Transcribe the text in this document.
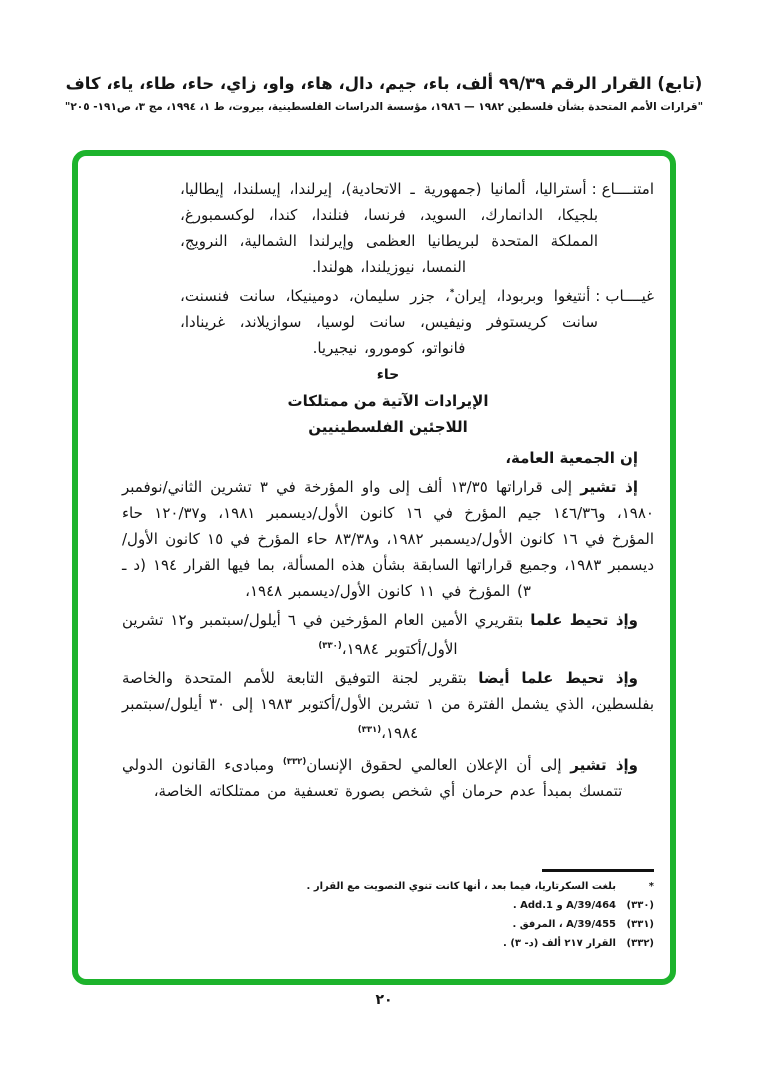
(تابع) القرار الرقم ٩٩/٣٩ ألف، باء، جيم، دال، هاء، واو، زاي، حاء، طاء، ياء، كاف
"قرارات الأمم المتحدة بشأن فلسطين ١٩٨٢ — ١٩٨٦، مؤسسة الدراسات الفلسطينية، بيروت، ط ١، ١٩٩٤، مج ٣، ص١٩١- ٢٠٥"
امتنــــاع:أستراليا، ألمانيا (جمهورية ـ الاتحادية)، إيرلندا، إيسلندا، إيطاليا، بلجيكا، الدانمارك، السويد، فرنسا، فنلندا، كندا، لوكسمبورغ، المملكة المتحدة لبريطانيا العظمى وإيرلندا الشمالية، النرويج، النمسا، نيوزيلندا، هولندا.
غيــــاب:أنتيغوا وبربودا، إيران*، جزر سليمان، دومينيكا، سانت فنسنت، سانت كريستوفر ونيفيس، سانت لوسيا، سوازيلاند، غرينادا، فانواتو، كومورو، نيجيريا.
حاء
الإيرادات الآتية من ممتلكات
اللاجئين الفلسطينيين

إن الجمعية العامة،

إذ تشير إلى قراراتها ١٣/٣٥ ألف إلى واو المؤرخة في ٣ تشرين الثاني/نوفمبر ١٩٨٠، و١٤٦/٣٦ جيم المؤرخ في ١٦ كانون الأول/ديسمبر ١٩٨١، و١٢٠/٣٧ حاء المؤرخ في ١٦ كانون الأول/ديسمبر ١٩٨٢، و٨٣/٣٨ حاء المؤرخ في ١٥ كانون الأول/ديسمبر ١٩٨٣، وجميع قراراتها السابقة بشأن هذه المسألة، بما فيها القرار ١٩٤ (د ـ ٣) المؤرخ في ١١ كانون الأول/ديسمبر ١٩٤٨،

وإذ تحيط علما بتقريري الأمين العام المؤرخين في ٦ أيلول/سبتمبر و١٢ تشرين الأول/أكتوبر ١٩٨٤،$^{(٣٣٠)}$

وإذ تحيط علما أيضا بتقرير لجنة التوفيق التابعة للأمم المتحدة والخاصة بفلسطين، الذي يشمل الفترة من ١ تشرين الأول/أكتوبر ١٩٨٣ إلى ٣٠ أيلول/سبتمبر ١٩٨٤،$^{(٣٣١)}$

وإذ تشير إلى أن الإعلان العالمي لحقوق الإنسان$^{(٣٣٢)}$ ومبادىء القانون الدولي تتمسك بمبدأ عدم حرمان أي شخص بصورة تعسفية من ممتلكاته الخاصة،

*
بلغت السكرتاريا، فيما بعد ، أنها كانت تنوي التصويت مع القرار .
(٣٣٠)
A/39/464 و Add.1 .
(٣٣١)
A/39/455 ، المرفق .
(٣٣٢)
القرار ٢١٧ ألف (د- ٣) .
٢٠
